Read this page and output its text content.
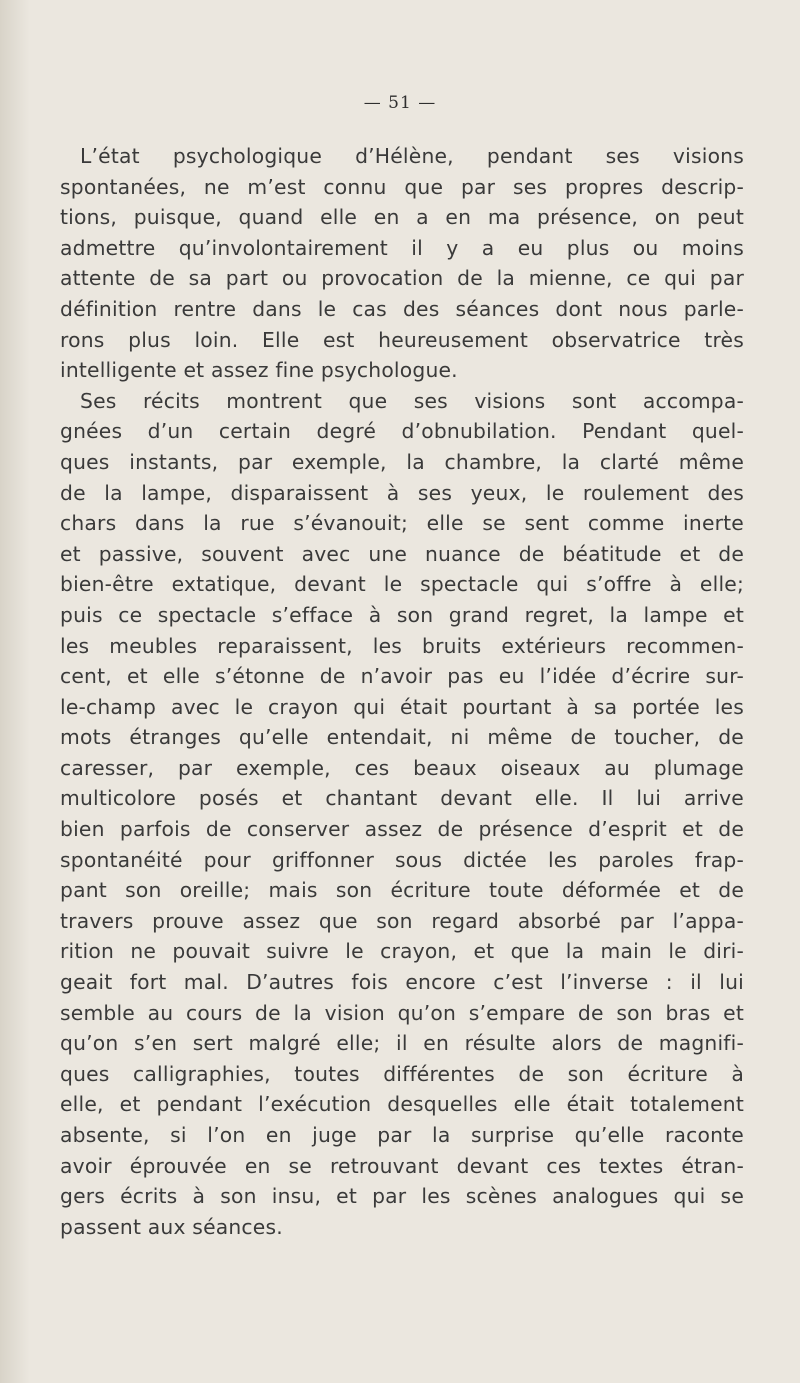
— 51 —
L’état psychologique d’Hélène, pendant ses visions
spontanées, ne m’est connu que par ses propres descrip-
tions, puisque, quand elle en a en ma présence, on peut
admettre qu’involontairement il y a eu plus ou moins
attente de sa part ou provocation de la mienne, ce qui par
définition rentre dans le cas des séances dont nous parle-
rons plus loin. Elle est heureusement observatrice très
intelligente et assez fine psychologue.
Ses récits montrent que ses visions sont accompa-
gnées d’un certain degré d’obnubilation. Pendant quel-
ques instants, par exemple, la chambre, la clarté même
de la lampe, disparaissent à ses yeux, le roulement des
chars dans la rue s’évanouit; elle se sent comme inerte
et passive, souvent avec une nuance de béatitude et de
bien-être extatique, devant le spectacle qui s’offre à elle;
puis ce spectacle s’efface à son grand regret, la lampe et
les meubles reparaissent, les bruits extérieurs recommen-
cent, et elle s’étonne de n’avoir pas eu l’idée d’écrire sur-
le-champ avec le crayon qui était pourtant à sa portée les
mots étranges qu’elle entendait, ni même de toucher, de
caresser, par exemple, ces beaux oiseaux au plumage
multicolore posés et chantant devant elle. Il lui arrive
bien parfois de conserver assez de présence d’esprit et de
spontanéité pour griffonner sous dictée les paroles frap-
pant son oreille; mais son écriture toute déformée et de
travers prouve assez que son regard absorbé par l’appa-
rition ne pouvait suivre le crayon, et que la main le diri-
geait fort mal. D’autres fois encore c’est l’inverse : il lui
semble au cours de la vision qu’on s’empare de son bras et
qu’on s’en sert malgré elle; il en résulte alors de magnifi-
ques calligraphies, toutes différentes de son écriture à
elle, et pendant l’exécution desquelles elle était totalement
absente, si l’on en juge par la surprise qu’elle raconte
avoir éprouvée en se retrouvant devant ces textes étran-
gers écrits à son insu, et par les scènes analogues qui se
passent aux séances.
